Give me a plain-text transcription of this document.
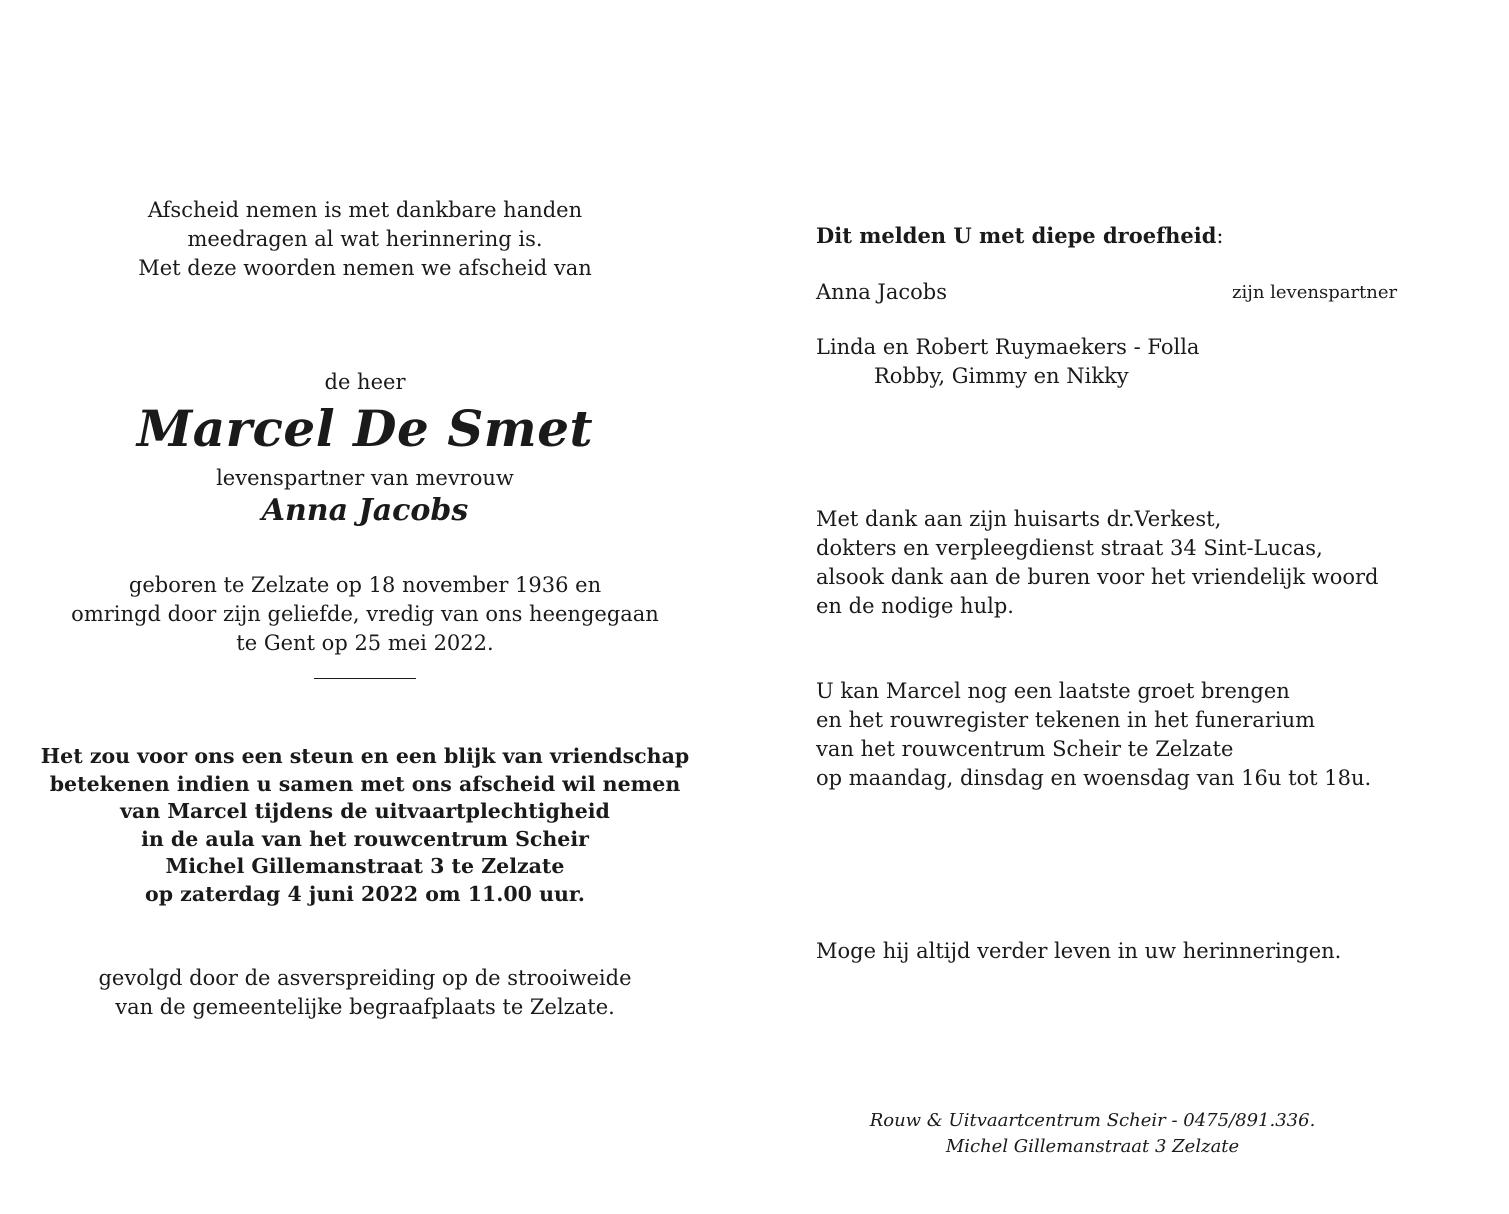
Afscheid nemen is met dankbare handen
meedragen al wat herinnering is.
Met deze woorden nemen we afscheid van
de heer
Marcel De Smet
levenspartner van mevrouw
Anna Jacobs
geboren te Zelzate op 18 november 1936 en
omringd door zijn geliefde, vredig van ons heengegaan
te Gent op 25 mei 2022.
Het zou voor ons een steun en een blijk van vriendschap
betekenen indien u samen met ons afscheid wil nemen
van Marcel tijdens de uitvaartplechtigheid
in de aula van het rouwcentrum Scheir
Michel Gillemanstraat 3 te Zelzate
op zaterdag 4 juni 2022 om 11.00 uur.
gevolgd door de asverspreiding op de strooiweide
van de gemeentelijke begraafplaats te Zelzate.
Dit melden U met diepe droefheid:
Anna Jacobs	zijn levenspartner
Linda en Robert Ruymaekers - Folla
Robby, Gimmy en Nikky
Met dank aan zijn huisarts dr.Verkest,
dokters en verpleegdienst straat 34 Sint-Lucas,
alsook dank aan de buren voor het vriendelijk woord
en de nodige hulp.
U kan Marcel nog een laatste groet brengen
en het rouwregister tekenen in het funerarium
van het rouwcentrum Scheir te Zelzate
op maandag, dinsdag en woensdag van 16u tot 18u.
Moge hij altijd verder leven in uw herinneringen.
Rouw & Uitvaartcentrum Scheir - 0475/891.336.
Michel Gillemanstraat 3 Zelzate
